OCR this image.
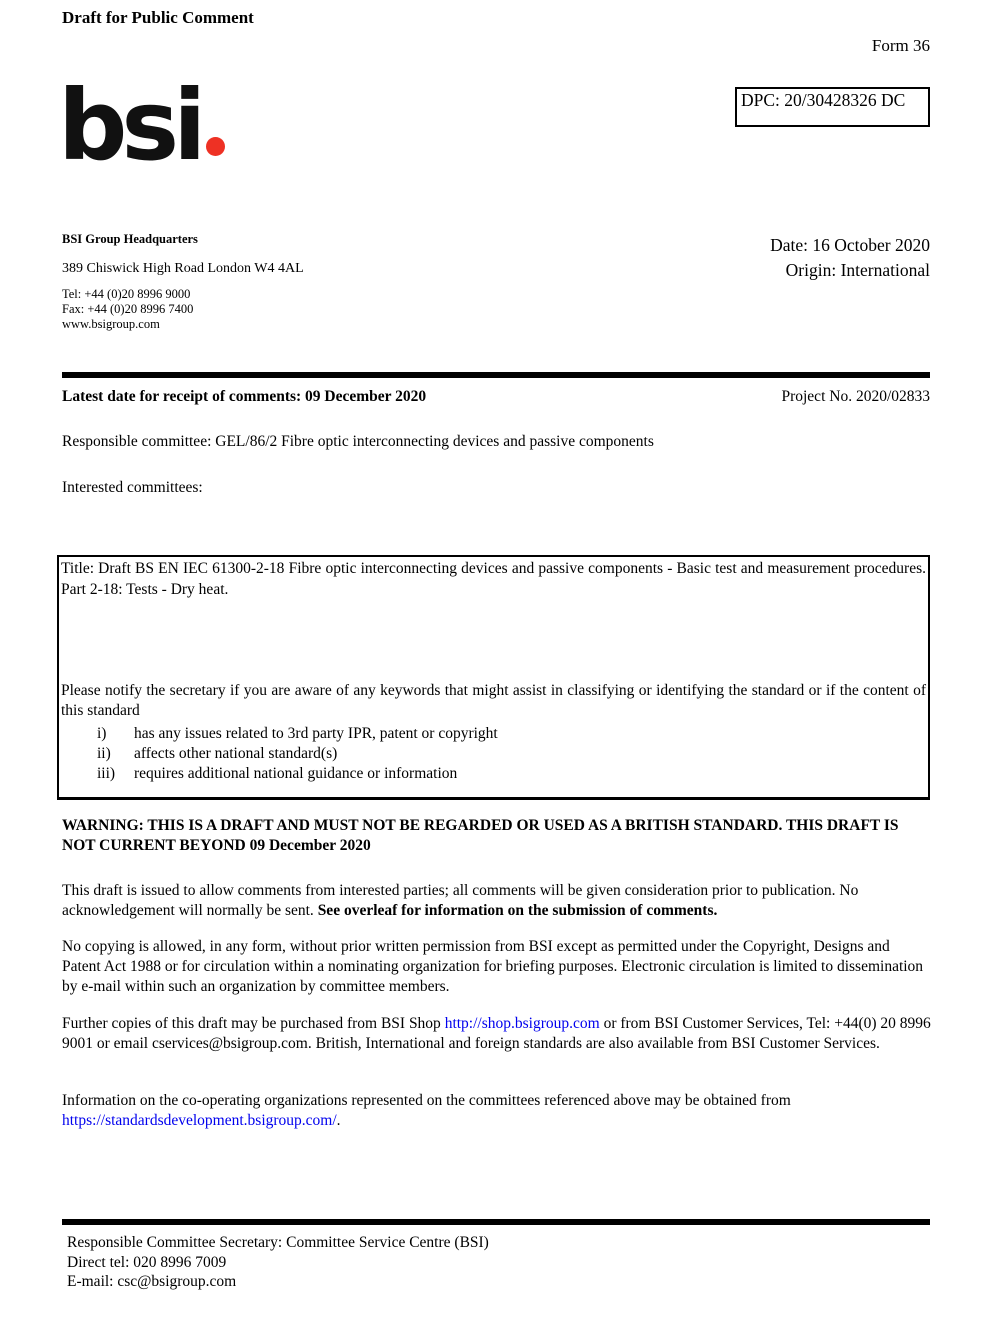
Draft for Public Comment
Form 36
DPC: 20/30428326 DC
bsi
BSI Group Headquarters
389 Chiswick High Road London W4 4AL
Tel: +44 (0)20 8996 9000
Fax: +44 (0)20 8996 7400
www.bsigroup.com
Date: 16 October 2020
Origin: International
Latest date for receipt of comments: 09 December 2020	Project No. 2020/02833
Responsible committee: GEL/86/2 Fibre optic interconnecting devices and passive components
Interested committees:
Title: Draft BS EN IEC 61300-2-18 Fibre optic interconnecting devices and passive components - Basic test and measurement procedures. Part 2-18: Tests - Dry heat.
Please notify the secretary if you are aware of any keywords that might assist in classifying or identifying the standard or if the content of this standard
i)	has any issues related to 3rd party IPR, patent or copyright
ii)	affects other national standard(s)
iii)	requires additional national guidance or information
WARNING: THIS IS A DRAFT AND MUST NOT BE REGARDED OR USED AS A BRITISH STANDARD. THIS DRAFT IS NOT CURRENT BEYOND 09 December 2020
This draft is issued to allow comments from interested parties; all comments will be given consideration prior to publication. No acknowledgement will normally be sent. See overleaf for information on the submission of comments.
No copying is allowed, in any form, without prior written permission from BSI except as permitted under the Copyright, Designs and Patent Act 1988 or for circulation within a nominating organization for briefing purposes. Electronic circulation is limited to dissemination by e-mail within such an organization by committee members.
Further copies of this draft may be purchased from BSI Shop http://shop.bsigroup.com or from BSI Customer Services, Tel: +44(0) 20 8996 9001 or email cservices@bsigroup.com. British, International and foreign standards are also available from BSI Customer Services.
Information on the co-operating organizations represented on the committees referenced above may be obtained from https://standardsdevelopment.bsigroup.com/.
Responsible Committee Secretary: Committee Service Centre (BSI)
Direct tel: 020 8996 7009
E-mail: csc@bsigroup.com
